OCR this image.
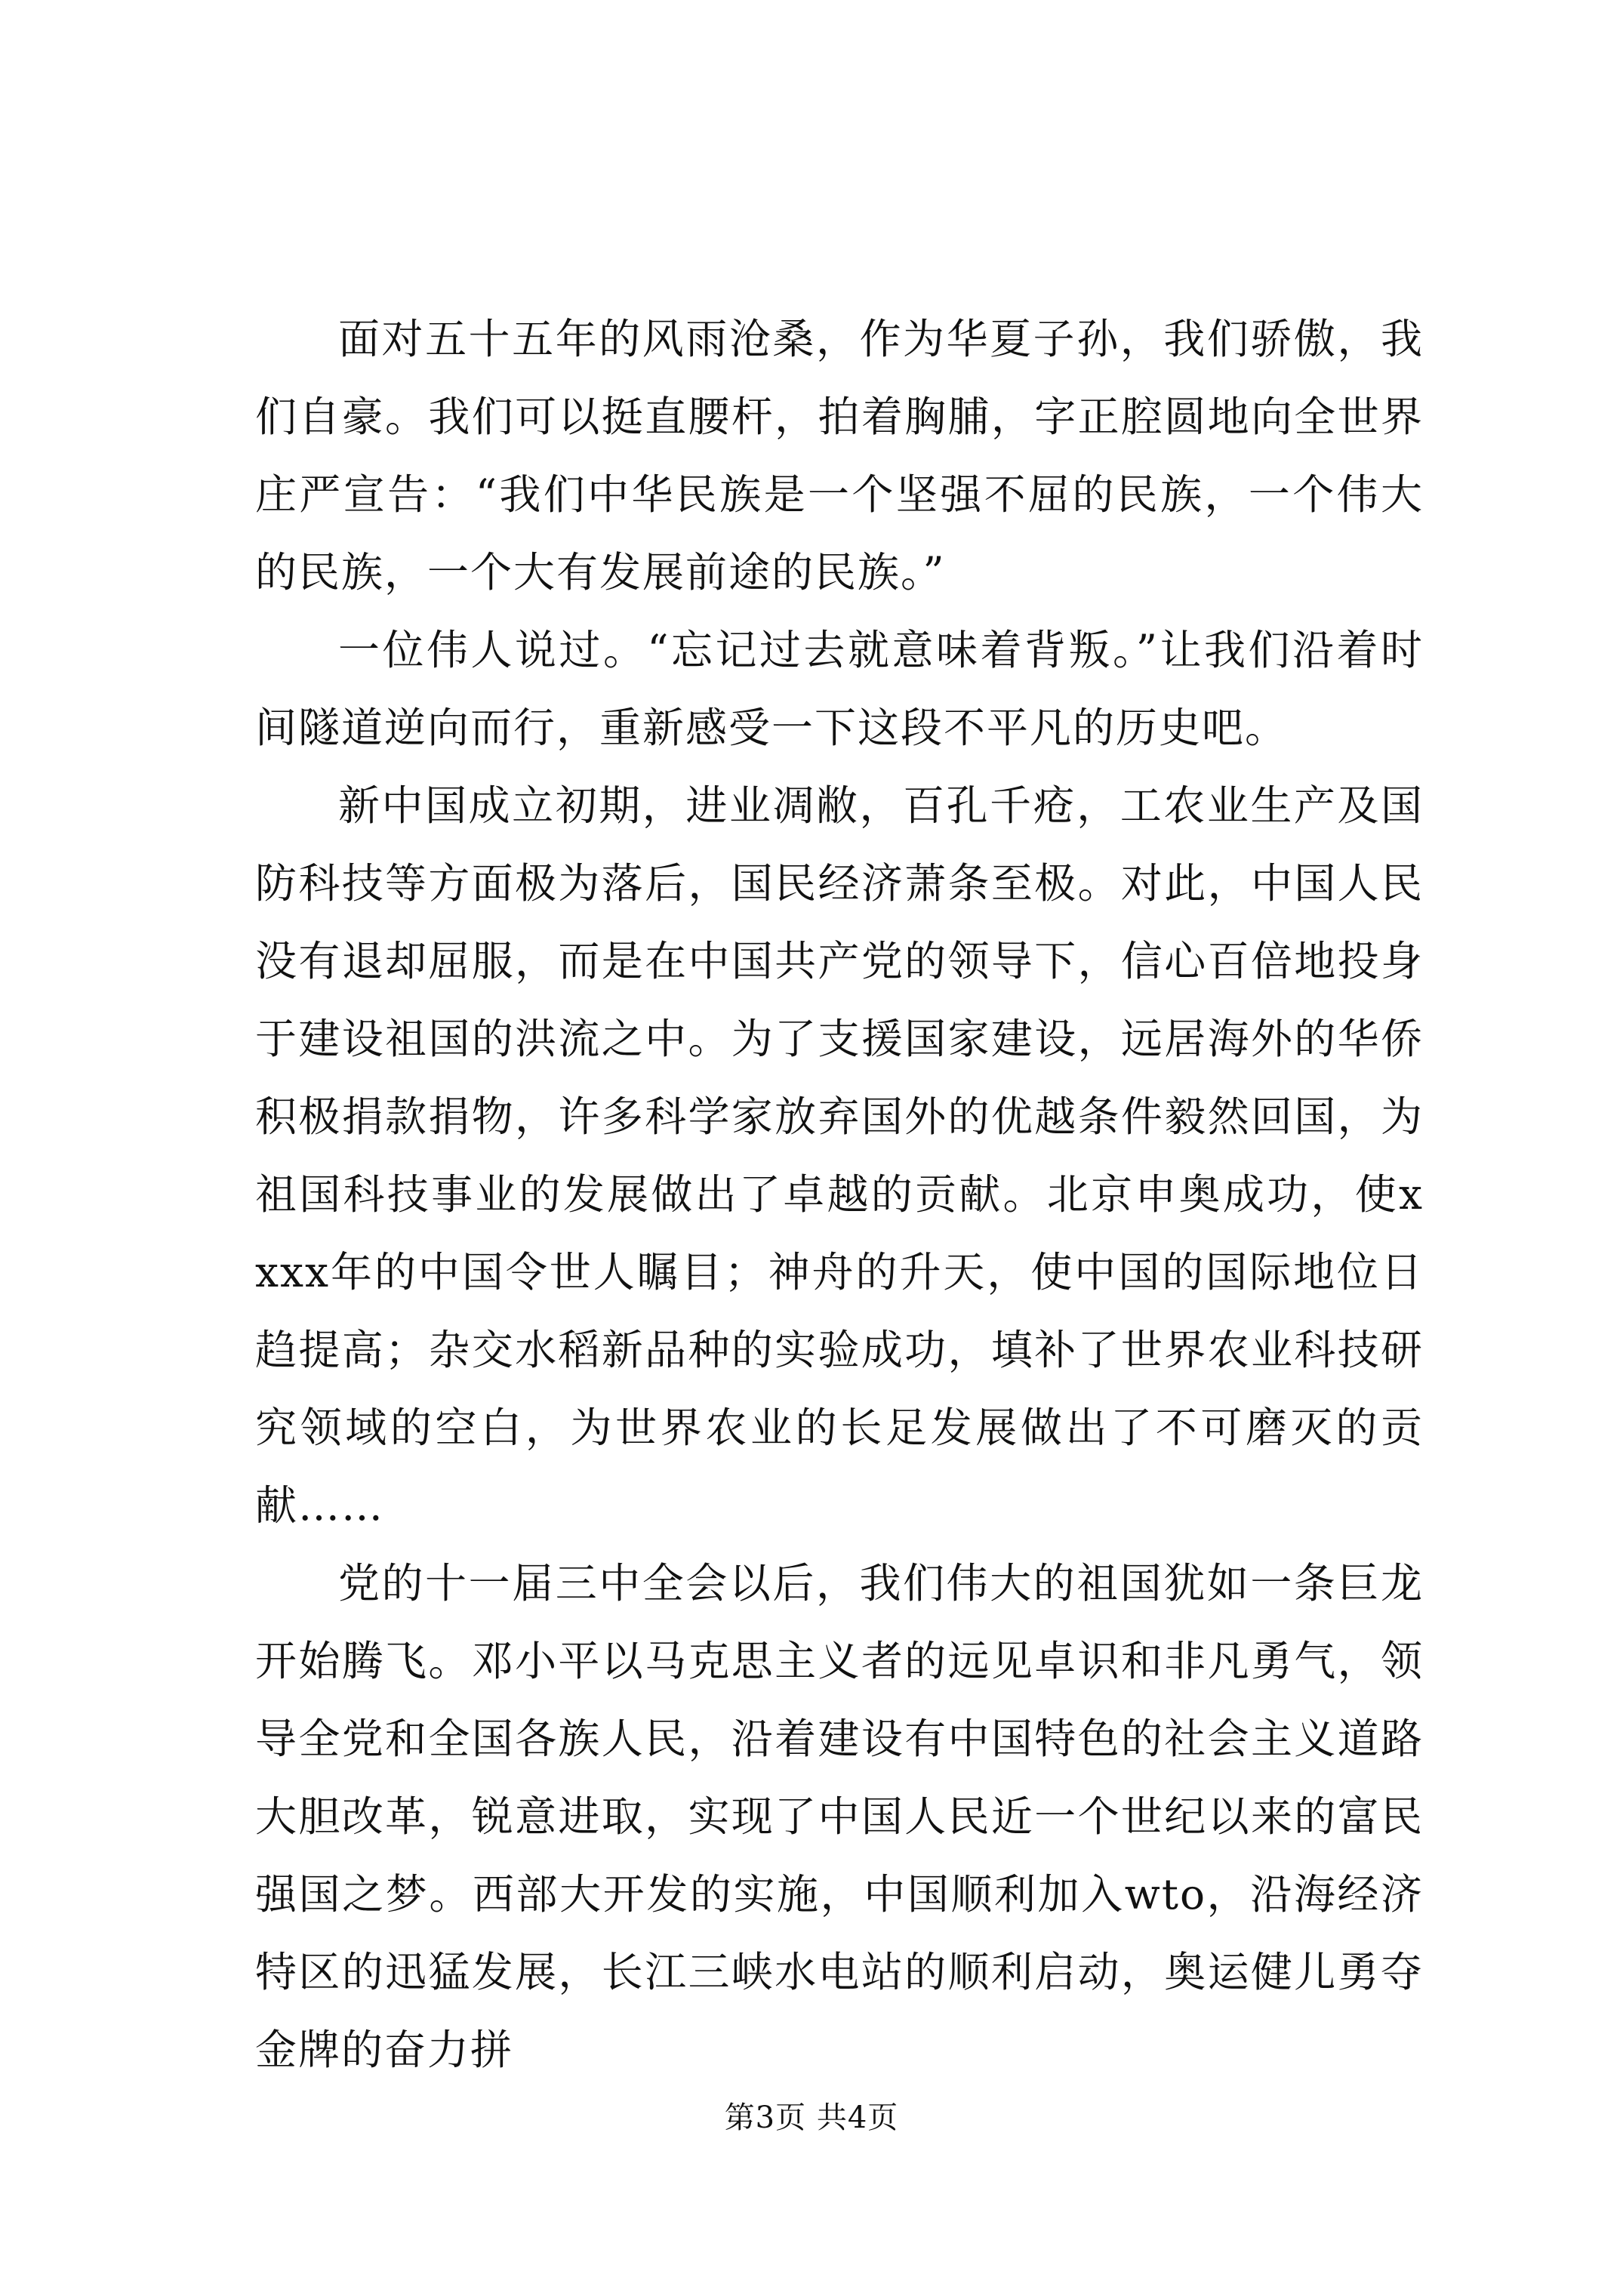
面对五十五年的风雨沧桑，作为华夏子孙，我们骄傲，我们自豪。我们可以挺直腰杆，拍着胸脯，字正腔圆地向全世界庄严宣告：“我们中华民族是一个坚强不屈的民族，一个伟大的民族，一个大有发展前途的民族。”

一位伟人说过。“忘记过去就意味着背叛。”让我们沿着时间隧道逆向而行，重新感受一下这段不平凡的历史吧。

新中国成立初期，进业凋敝，百孔千疮，工农业生产及国防科技等方面极为落后，国民经济萧条至极。对此，中国人民没有退却屈服，而是在中国共产党的领导下，信心百倍地投身于建设祖国的洪流之中。为了支援国家建设，远居海外的华侨积极捐款捐物，许多科学家放弃国外的优越条件毅然回国，为祖国科技事业的发展做出了卓越的贡献。北京申奥成功，使xxxx年的中国令世人瞩目；神舟的升天，使中国的国际地位日趋提高；杂交水稻新品种的实验成功，填补了世界农业科技研究领域的空白，为世界农业的长足发展做出了不可磨灭的贡献……

党的十一届三中全会以后，我们伟大的祖国犹如一条巨龙开始腾飞。邓小平以马克思主义者的远见卓识和非凡勇气，领导全党和全国各族人民，沿着建设有中国特色的社会主义道路大胆改革，锐意进取，实现了中国人民近一个世纪以来的富民强国之梦。西部大开发的实施，中国顺利加入wto，沿海经济特区的迅猛发展，长江三峡水电站的顺利启动，奥运健儿勇夺金牌的奋力拼

第3页 共4页
